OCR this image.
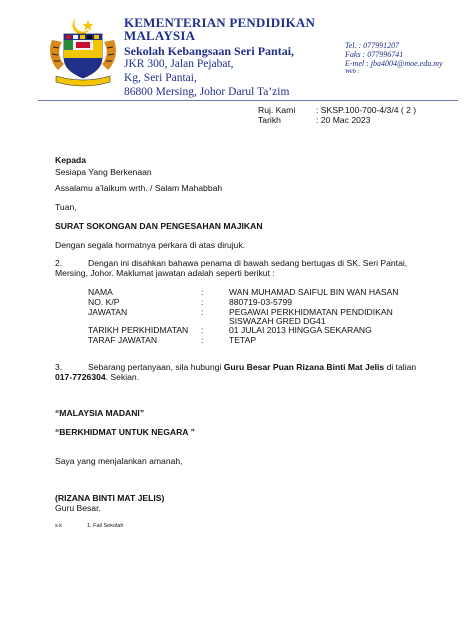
KEMENTERIAN PENDIDIKAN
MALAYSIA
Sekolah Kebangsaan Seri Pantai,
JKR 300, Jalan Pejabat,
Kg, Seri Pantai,
86800 Mersing, Johor Darul Ta’zim
Tel. : 077991207
Faks : 077996741
E-mel : jba4004@moe.edu.my
Web :
Ruj. Kami : SKSP.100-700-4/3/4 ( 2 )
Tarikh	: 20 Mac 2023
Kepada
Sesiapa Yang Berkenaan
Assalamu a’laikum wrth. / Salam Mahabbah
Tuan,
SURAT SOKONGAN DAN PENGESAHAN MAJIKAN
Dengan segala hormatnya perkara di atas dirujuk.
2.	Dengan ini disahkan bahawa penama di bawah sedang bertugas di SK. Seri Pantai,
Mersing, Johor. Maklumat jawatan adalah seperti berikut :
NAMA	:	WAN MUHAMAD SAIFUL BIN WAN HASAN
NO. K/P	:	880719-03-5799
JAWATAN	:	PEGAWAI PERKHIDMATAN PENDIDIKAN
SISWAZAH GRED DG41
TARIKH PERKHIDMATAN :	01 JULAI 2013 HINGGA SEKARANG
TARAF JAWATAN	:	TETAP
3.	Sebarang pertanyaan, sila hubungi Guru Besar Puan Rizana Binti Mat Jelis di talian
017-7726304. Sekian.
“MALAYSIA MADANI”
“BERKHIDMAT UNTUK NEGARA ”
Saya yang menjalankan amanah,
(RIZANA BINTI MAT JELIS)
Guru Besar.
s.k	1. Fail Sekolah
